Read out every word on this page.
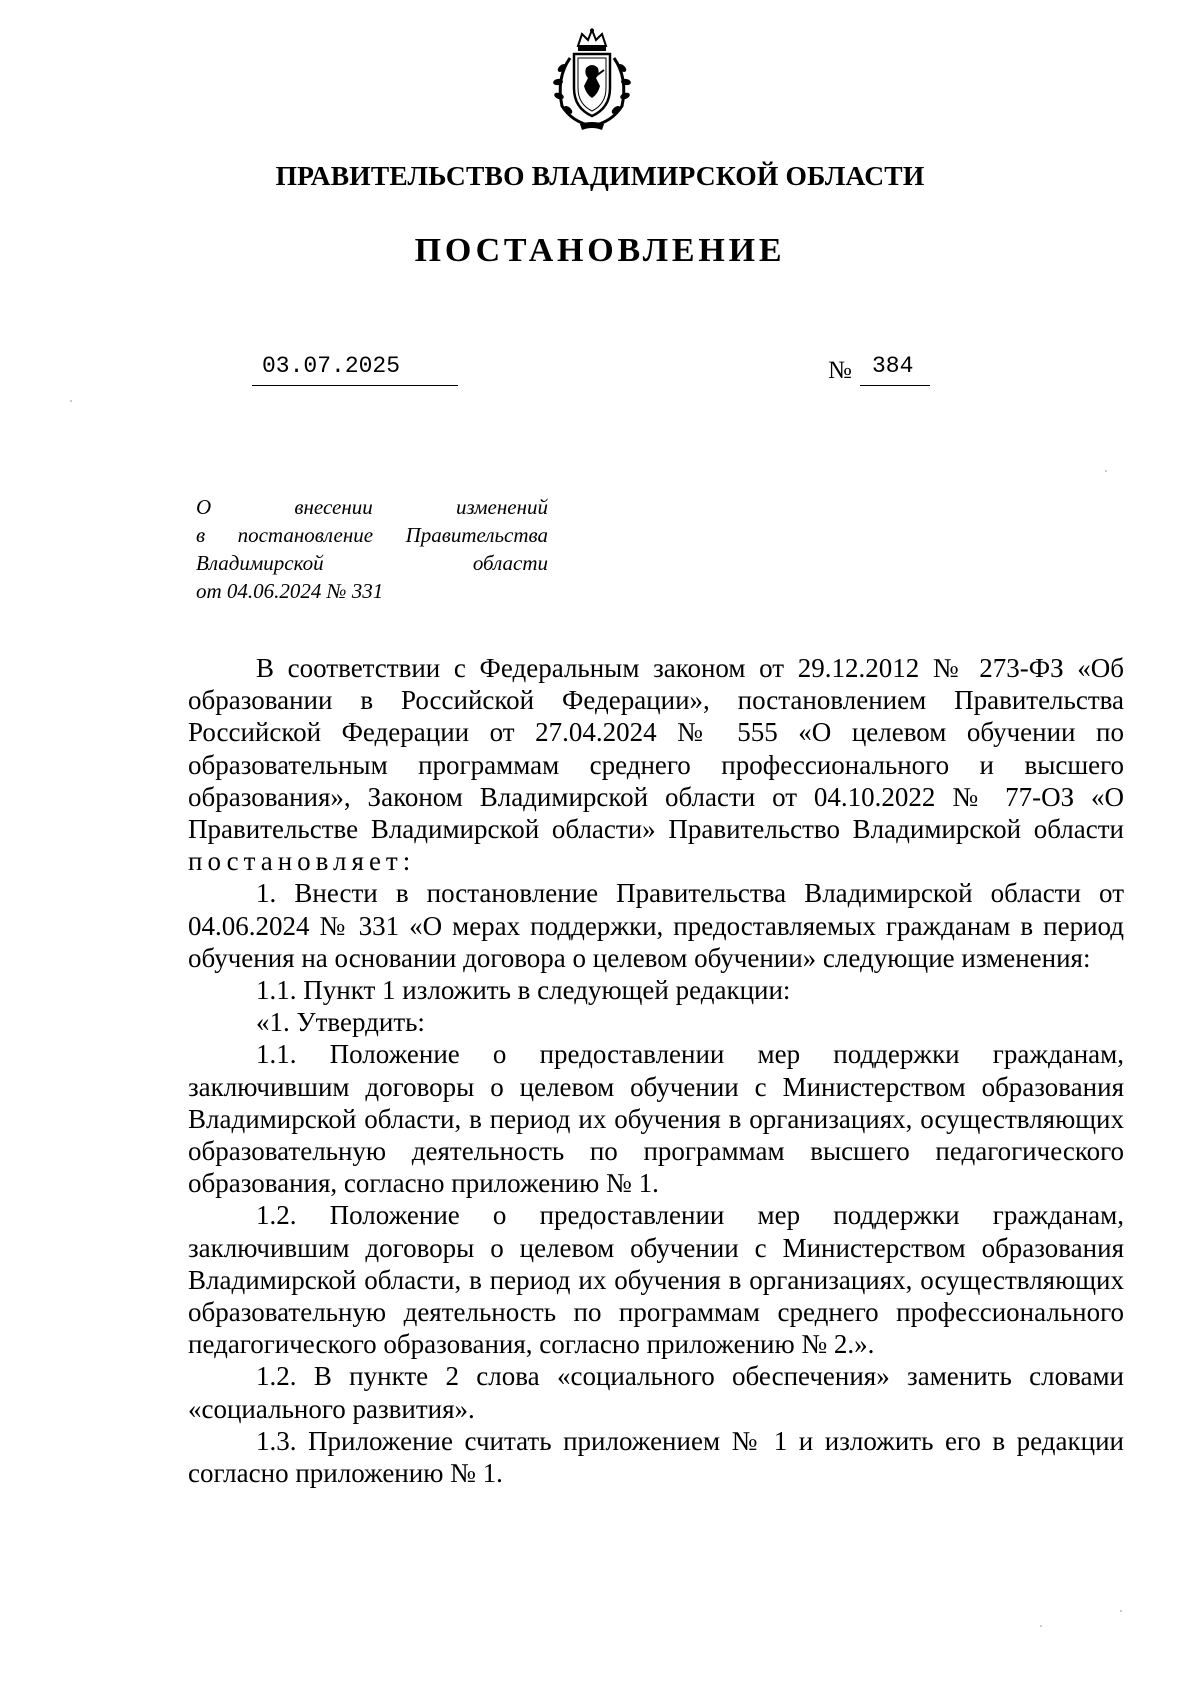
ПРАВИТЕЛЬСТВО ВЛАДИМИРСКОЙ ОБЛАСТИ
ПОСТАНОВЛЕНИЕ
03.07.2025	№ 384
О внесении изменений
в постановление Правительства
Владимирской области
от 04.06.2024 № 331

В соответствии с Федеральным законом от 29.12.2012 № 273-ФЗ «Об образовании в Российской Федерации», постановлением Правительства Российской Федерации от 27.04.2024 № 555 «О целевом обучении по образовательным программам среднего профессионального и высшего образования», Законом Владимирской области от 04.10.2022 № 77-ОЗ «О Правительстве Владимирской области» Правительство Владимирской области постановляет:

1. Внести в постановление Правительства Владимирской области от 04.06.2024 № 331 «О мерах поддержки, предоставляемых гражданам в период обучения на основании договора о целевом обучении» следующие изменения:

1.1. Пункт 1 изложить в следующей редакции:

«1. Утвердить:

1.1. Положение о предоставлении мер поддержки гражданам, заключившим договоры о целевом обучении с Министерством образования Владимирской области, в период их обучения в организациях, осуществляющих образовательную деятельность по программам высшего педагогического образования, согласно приложению № 1.

1.2. Положение о предоставлении мер поддержки гражданам, заключившим договоры о целевом обучении с Министерством образования Владимирской области, в период их обучения в организациях, осуществляющих образовательную деятельность по программам среднего профессионального педагогического образования, согласно приложению № 2.».

1.2. В пункте 2 слова «социального обеспечения» заменить словами «социального развития».

1.3. Приложение считать приложением № 1 и изложить его в редакции согласно приложению № 1.
